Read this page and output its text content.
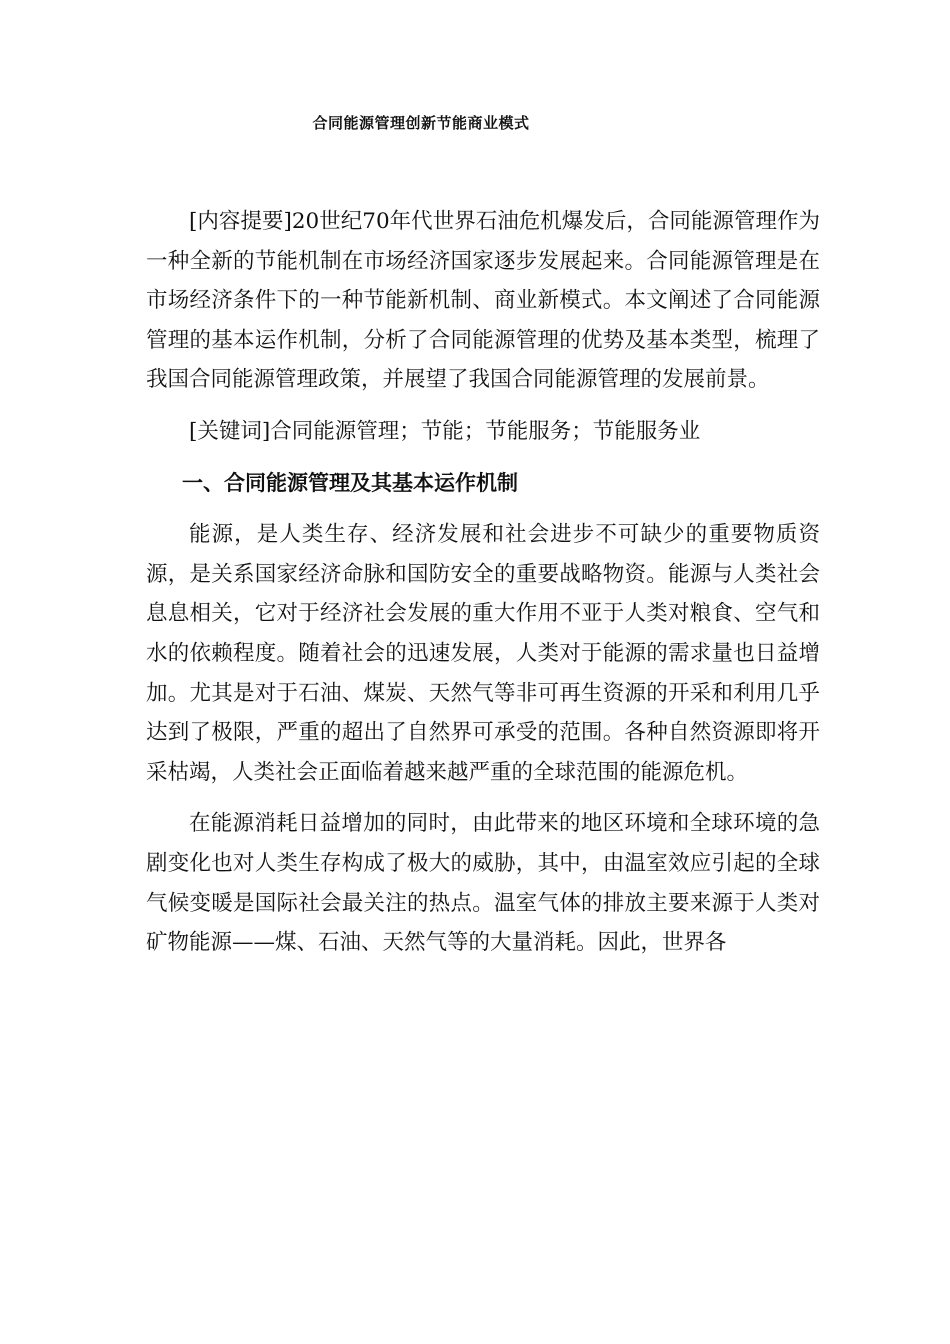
合同能源管理创新节能商业模式

[内容提要]20世纪70年代世界石油危机爆发后，合同能源管理作为一种全新的节能机制在市场经济国家逐步发展起来。合同能源管理是在市场经济条件下的一种节能新机制、商业新模式。本文阐述了合同能源管理的基本运作机制，分析了合同能源管理的优势及基本类型，梳理了我国合同能源管理政策，并展望了我国合同能源管理的发展前景。

[关键词]合同能源管理；节能；节能服务；节能服务业

一、合同能源管理及其基本运作机制

能源，是人类生存、经济发展和社会进步不可缺少的重要物质资源，是关系国家经济命脉和国防安全的重要战略物资。能源与人类社会息息相关，它对于经济社会发展的重大作用不亚于人类对粮食、空气和水的依赖程度。随着社会的迅速发展，人类对于能源的需求量也日益增加。尤其是对于石油、煤炭、天然气等非可再生资源的开采和利用几乎达到了极限，严重的超出了自然界可承受的范围。各种自然资源即将开采枯竭，人类社会正面临着越来越严重的全球范围的能源危机。

在能源消耗日益增加的同时，由此带来的地区环境和全球环境的急剧变化也对人类生存构成了极大的威胁，其中，由温室效应引起的全球气候变暖是国际社会最关注的热点。温室气体的排放主要来源于人类对矿物能源——煤、石油、天然气等的大量消耗。因此，世界各
